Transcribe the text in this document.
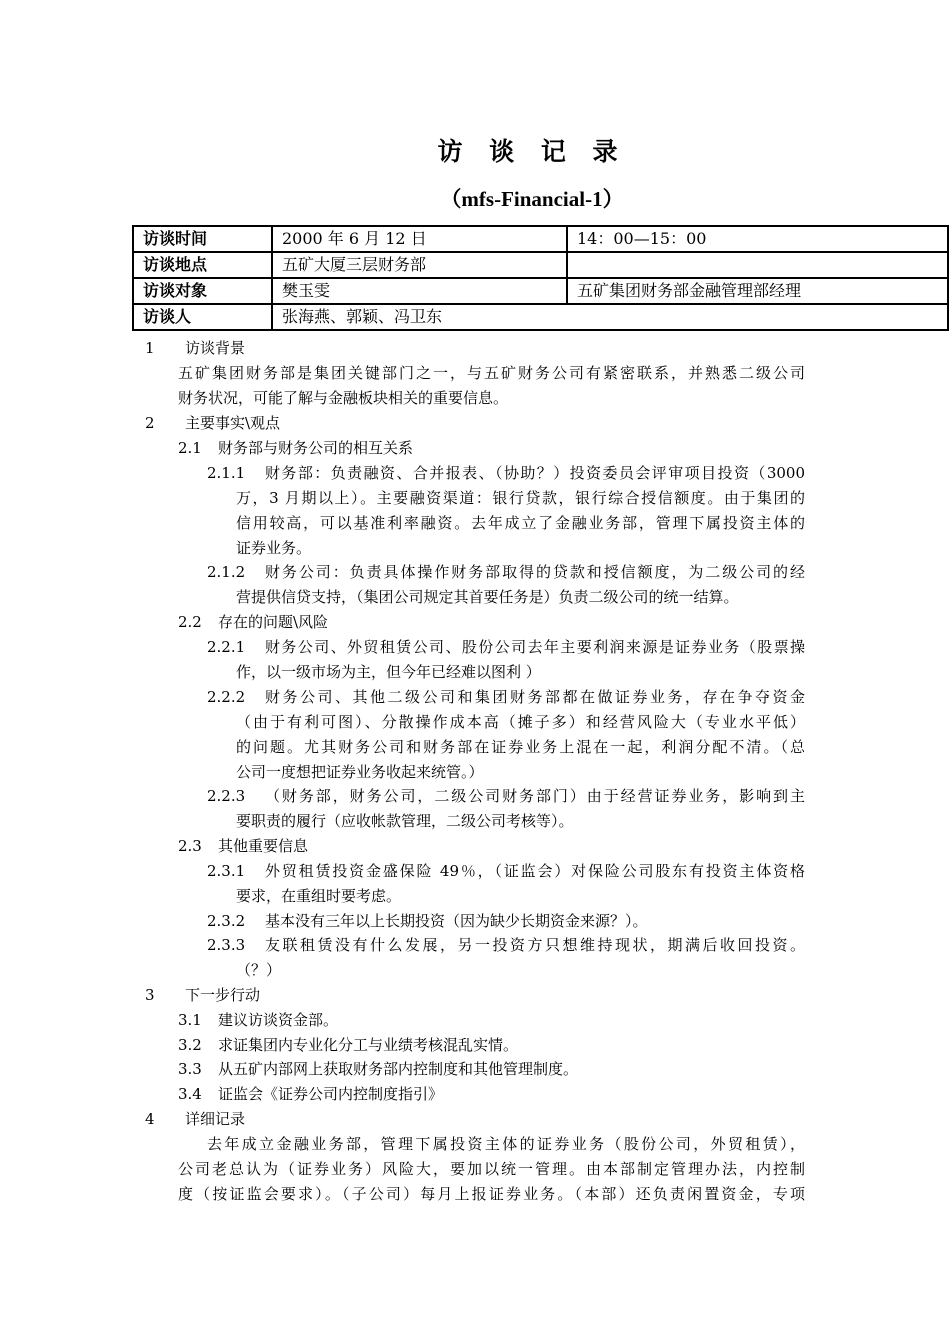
访 谈 记 录
（mfs-Financial-1）
访谈时间	2000 年 6 月 12 日	14：00—15：00
访谈地点	五矿大厦三层财务部	
访谈对象	樊玉雯	五矿集团财务部金融管理部经理
访谈人	张海燕、郭颖、冯卫东	
1 访谈背景
五矿集团财务部是集团关键部门之一，与五矿财务公司有紧密联系，并熟悉二级公司
财务状况，可能了解与金融板块相关的重要信息。
2 主要事实\观点
2.1 财务部与财务公司的相互关系
2.1.1 财务部：负责融资、合并报表、（协助？）投资委员会评审项目投资（3000
万，3 月期以上）。主要融资渠道：银行贷款，银行综合授信额度。由于集团的
信用较高，可以基准利率融资。去年成立了金融业务部，管理下属投资主体的
证券业务。
2.1.2 财务公司：负责具体操作财务部取得的贷款和授信额度，为二级公司的经
营提供信贷支持，（集团公司规定其首要任务是）负责二级公司的统一结算。
2.2 存在的问题\风险
2.2.1 财务公司、外贸租赁公司、股份公司去年主要利润来源是证券业务（股票操
作，以一级市场为主，但今年已经难以图利 ）
2.2.2 财务公司、其他二级公司和集团财务部都在做证券业务，存在争夺资金
（由于有利可图）、分散操作成本高（摊子多）和经营风险大（专业水平低）
的问题。尤其财务公司和财务部在证券业务上混在一起，利润分配不清。（总
公司一度想把证券业务收起来统管。）
2.2.3 （财务部，财务公司，二级公司财务部门）由于经营证券业务，影响到主
要职责的履行（应收帐款管理，二级公司考核等）。
2.3 其他重要信息
2.3.1 外贸租赁投资金盛保险 49％，（证监会）对保险公司股东有投资主体资格
要求，在重组时要考虑。
2.3.2 基本没有三年以上长期投资（因为缺少长期资金来源？）。
2.3.3 友联租赁没有什么发展，另一投资方只想维持现状，期满后收回投资。
（？）
3 下一步行动
3.1 建议访谈资金部。
3.2 求证集团内专业化分工与业绩考核混乱实情。
3.3 从五矿内部网上获取财务部内控制度和其他管理制度。
3.4 证监会《证券公司内控制度指引》
4 详细记录
去年成立金融业务部，管理下属投资主体的证券业务（股份公司，外贸租赁），
公司老总认为（证券业务）风险大，要加以统一管理。由本部制定管理办法，内控制
度（按证监会要求）。（子公司）每月上报证券业务。（本部）还负责闲置资金，专项
